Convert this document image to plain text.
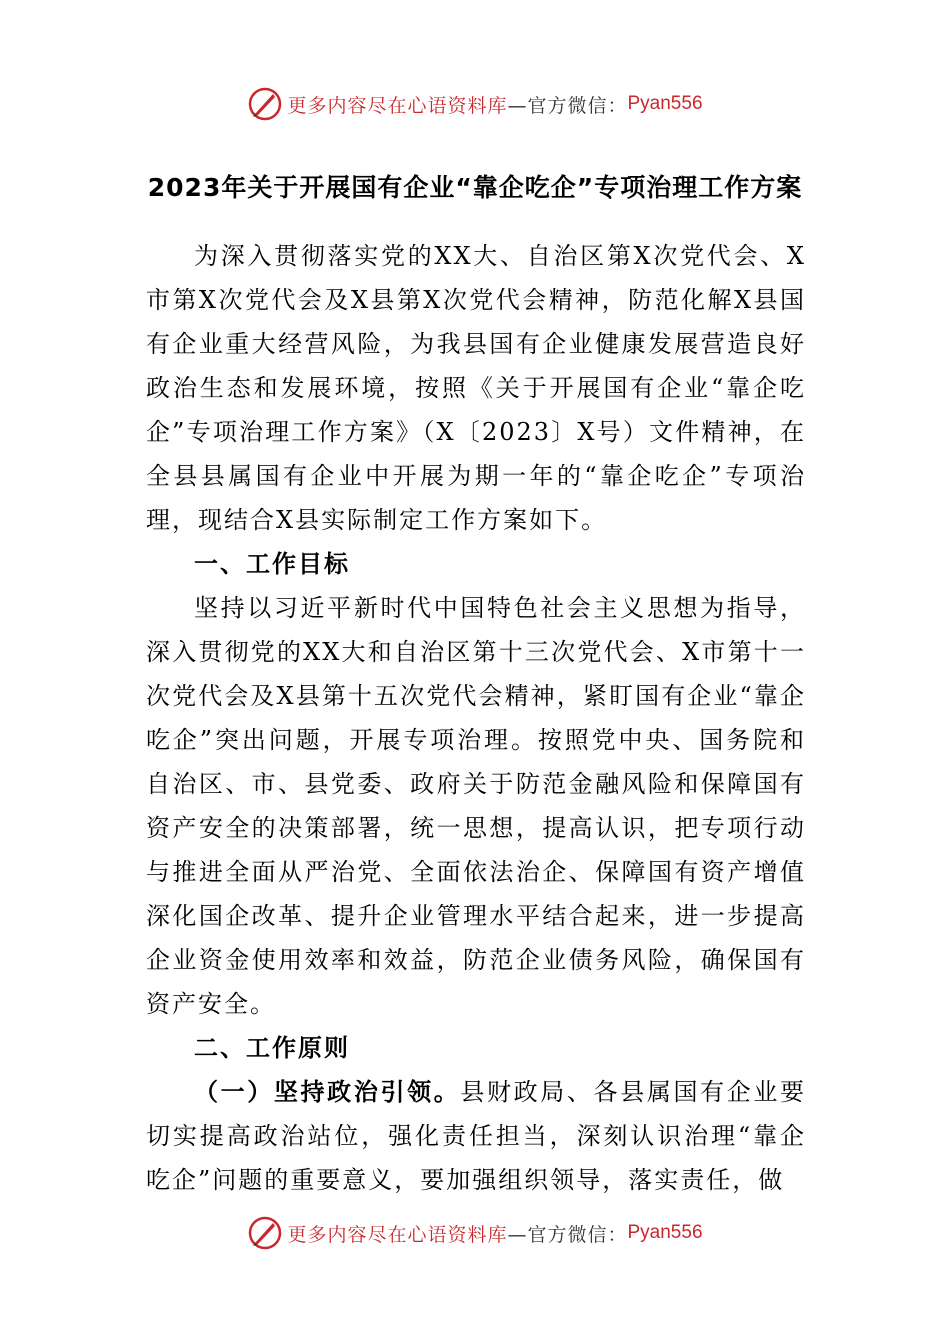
更多内容尽在心语资料库 —官方微信： Pyan556
2023年关于开展国有企业“靠企吃企”专项治理工作方案

为深入贯彻落实党的XX大、自治区第X次党代会、X市第X次党代会及X县第X次党代会精神，防范化解X县国有企业重大经营风险，为我县国有企业健康发展营造良好政治生态和发展环境，按照《关于开展国有企业“靠企吃企”专项治理工作方案》（X〔2023〕X号）文件精神，在全县县属国有企业中开展为期一年的“靠企吃企”专项治理，现结合X县实际制定工作方案如下。

一、工作目标

坚持以习近平新时代中国特色社会主义思想为指导，深入贯彻党的XX大和自治区第十三次党代会、X市第十一次党代会及X县第十五次党代会精神，紧盯国有企业“靠企吃企”突出问题，开展专项治理。按照党中央、国务院和自治区、市、县党委、政府关于防范金融风险和保障国有资产安全的决策部署，统一思想，提高认识，把专项行动与推进全面从严治党、全面依法治企、保障国有资产增值深化国企改革、提升企业管理水平结合起来，进一步提高企业资金使用效率和效益，防范企业债务风险，确保国有资产安全。

二、工作原则

（一）坚持政治引领。县财政局、各县属国有企业要切实提高政治站位，强化责任担当，深刻认识治理“靠企吃企”问题的重要意义，要加强组织领导，落实责任，做

更多内容尽在心语资料库 —官方微信： Pyan556
